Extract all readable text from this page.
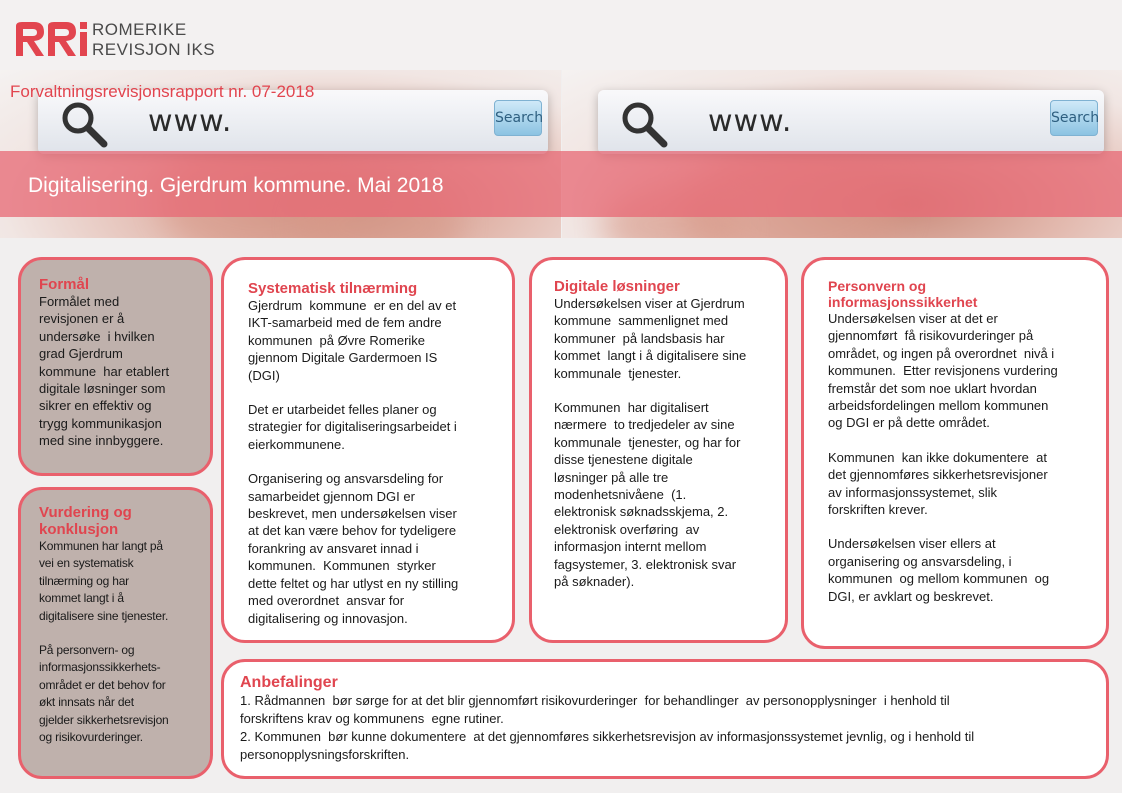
ROMERIKE
REVISJON IKS
www.	Search	www.	Search
Forvaltningsrevisjonsrapport nr. 07-2018
Digitalisering. Gjerdrum kommune. Mai 2018
Formål

Formålet med
revisjonen er å
undersøke  i hvilken
grad Gjerdrum
kommune  har etablert
digitale løsninger som
sikrer en effektiv og
trygg kommunikasjon
med sine innbyggere.

Vurdering og
konklusjon

Kommunen har langt på
vei en systematisk
tilnærming og har
kommet langt i å
digitalisere sine tjenester.

På personvern- og
informasjonssikkerhets-
området er det behov for
økt innsats når det
gjelder sikkerhetsrevisjon
og risikovurderinger.

Systematisk tilnærming

Gjerdrum  kommune  er en del av et
IKT-samarbeid med de fem andre
kommunen  på Øvre Romerike
gjennom Digitale Gardermoen IS
(DGI)

Det er utarbeidet felles planer og
strategier for digitaliseringsarbeidet i
eierkommunene.

Organisering og ansvarsdeling for
samarbeidet gjennom DGI er
beskrevet, men undersøkelsen viser
at det kan være behov for tydeligere
forankring av ansvaret innad i
kommunen.  Kommunen  styrker
dette feltet og har utlyst en ny stilling
med overordnet  ansvar for
digitalisering og innovasjon.

Digitale løsninger

Undersøkelsen viser at Gjerdrum
kommune  sammenlignet med
kommuner  på landsbasis har
kommet  langt i å digitalisere sine
kommunale  tjenester.

Kommunen  har digitalisert
nærmere  to tredjedeler av sine
kommunale  tjenester, og har for
disse tjenestene digitale
løsninger på alle tre
modenhetsnivåene  (1.
elektronisk søknadsskjema, 2.
elektronisk overføring  av
informasjon internt mellom
fagsystemer, 3. elektronisk svar
på søknader).

Personvern og
informasjonssikkerhet

Undersøkelsen viser at det er
gjennomført  få risikovurderinger på
området, og ingen på overordnet  nivå i
kommunen.  Etter revisjonens vurdering
fremstår det som noe uklart hvordan
arbeidsfordelingen mellom kommunen
og DGI er på dette området.

Kommunen  kan ikke dokumentere  at
det gjennomføres sikkerhetsrevisjoner
av informasjonssystemet, slik
forskriften krever.

Undersøkelsen viser ellers at
organisering og ansvarsdeling, i
kommunen  og mellom kommunen  og
DGI, er avklart og beskrevet.

Anbefalinger

1. Rådmannen  bør sørge for at det blir gjennomført risikovurderinger  for behandlinger  av personopplysninger  i henhold til
forskriftens krav og kommunens  egne rutiner.

2. Kommunen  bør kunne dokumentere  at det gjennomføres sikkerhetsrevisjon av informasjonssystemet jevnlig, og i henhold til
personopplysningsforskriften.
